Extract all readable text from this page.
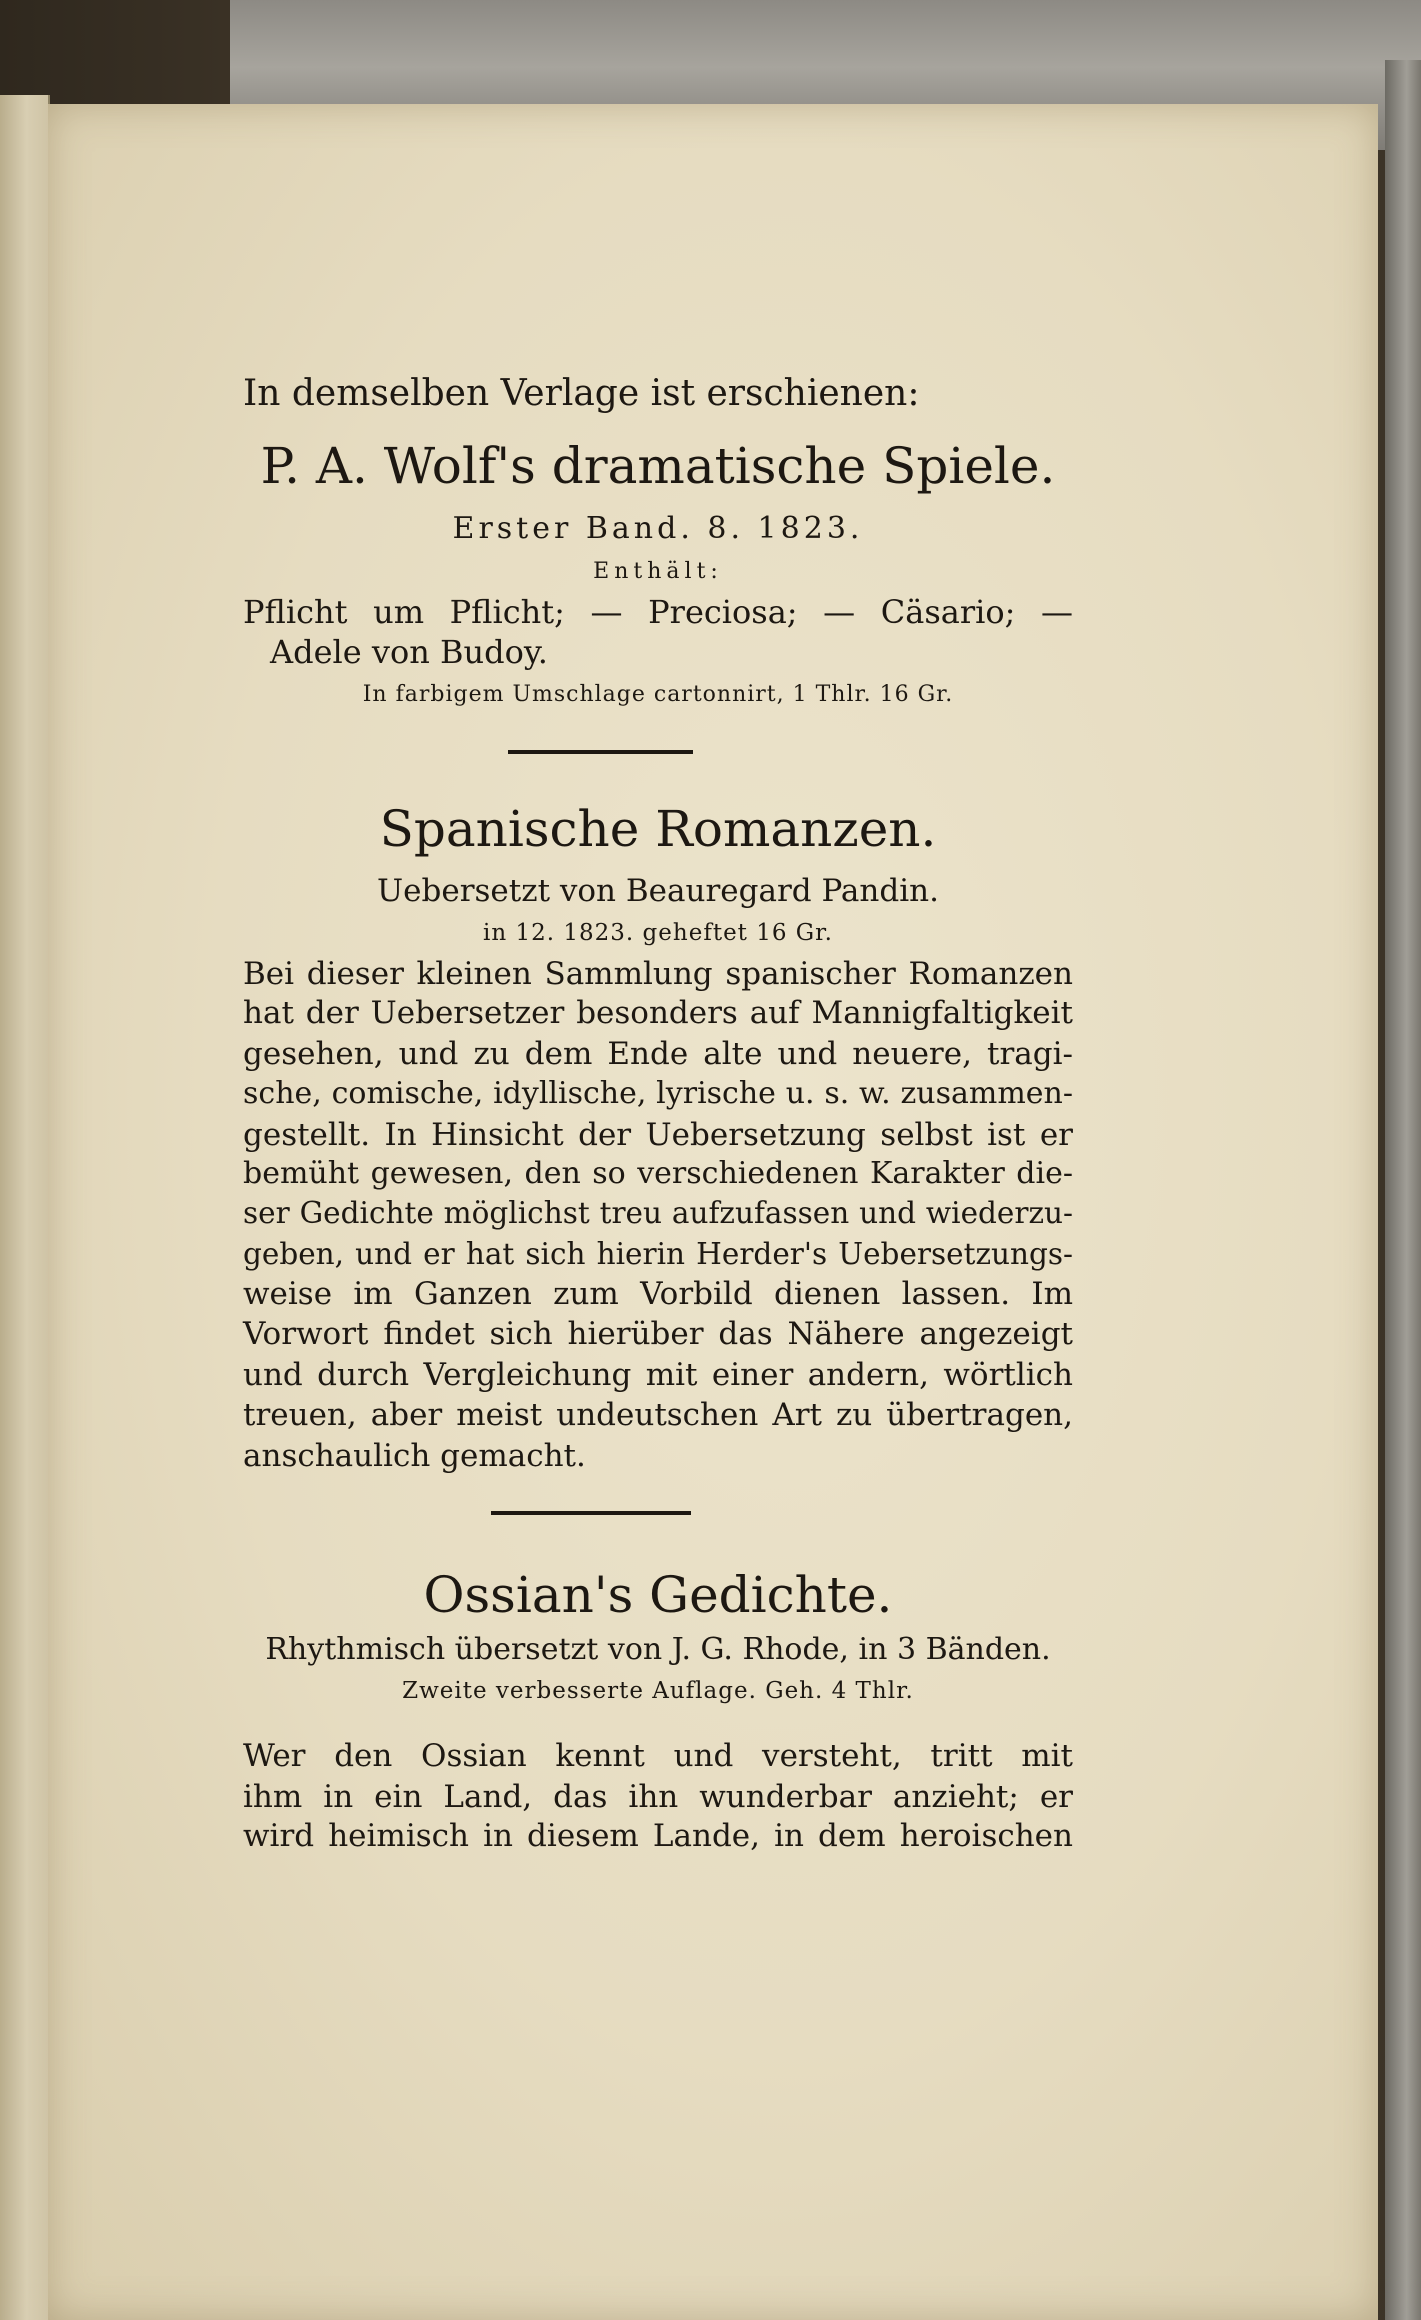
In demselben Verlage ist erschienen:

P. A. Wolf's dramatische Spiele.

Erster Band. 8. 1823.

Enthält:

Pflicht um Pflicht; — Preciosa; — Cäsario; —

Adele von Budoy.

In farbigem Umschlage cartonnirt, 1 Thlr. 16 Gr.

Spanische Romanzen.

Uebersetzt von Beauregard Pandin.

in 12. 1823. geheftet 16 Gr.

Bei dieser kleinen Sammlung spanischer Romanzen

hat der Uebersetzer besonders auf Mannigfaltigkeit

gesehen, und zu dem Ende alte und neuere, tragi-

sche, comische, idyllische, lyrische u. s. w. zusammen-

gestellt. In Hinsicht der Uebersetzung selbst ist er

bemüht gewesen, den so verschiedenen Karakter die-

ser Gedichte möglichst treu aufzufassen und wiederzu-

geben, und er hat sich hierin Herder's Uebersetzungs-

weise im Ganzen zum Vorbild dienen lassen. Im

Vorwort findet sich hierüber das Nähere angezeigt

und durch Vergleichung mit einer andern, wörtlich

treuen, aber meist undeutschen Art zu übertragen,

anschaulich gemacht.

Ossian's Gedichte.

Rhythmisch übersetzt von J. G. Rhode, in 3 Bänden.

Zweite verbesserte Auflage. Geh. 4 Thlr.

Wer den Ossian kennt und versteht, tritt mit

ihm in ein Land, das ihn wunderbar anzieht; er

wird heimisch in diesem Lande, in dem heroischen
